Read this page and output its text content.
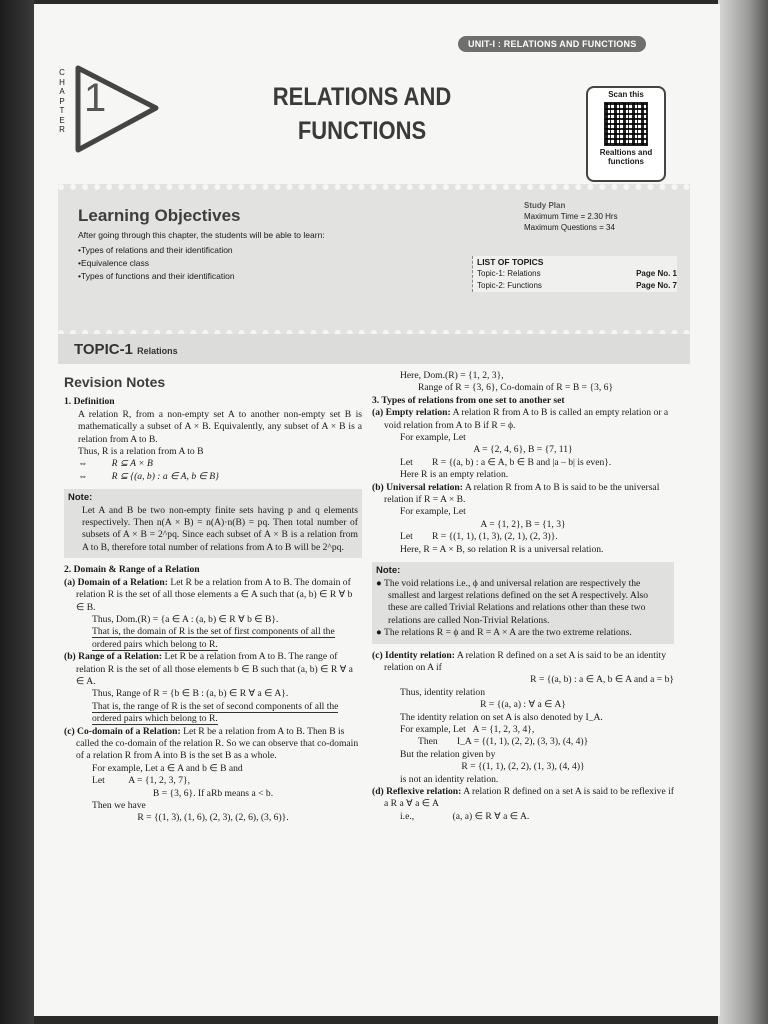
UNIT-I : RELATIONS AND FUNCTIONS
C
H
A
P
T
E
R
1	RELATIONS AND
FUNCTIONS
Scan this
Realtions and functions
Learning Objectives
After going through this chapter, the students will be able to learn:
• Types of relations and their identification
• Equivalence class
• Types of functions and their identification
Study Plan
Maximum Time = 2.30 Hrs
Maximum Questions = 34
LIST OF TOPICS
Topic-1: Relations	Page No. 1
Topic-2: Functions	Page No. 7
TOPIC-1 Relations
Revision Notes

1. Definition

A relation R, from a non-empty set A to another non-empty set B is mathematically a subset of A × B. Equivalently, any subset of A × B is a relation from A to B.

Thus, R is a relation from A to B

⇔          R ⊆ A × B

⇔          R ⊆ {(a, b) : a ∈ A, b ∈ B}

Note:

Let A and B be two non-empty finite sets having p and q elements respectively. Then n(A × B) = n(A)·n(B) = pq. Then total number of subsets of A × B = 2^pq. Since each subset of A × B is a relation from A to B, therefore total number of relations from A to B will be 2^pq.

2. Domain & Range of a Relation

(a) Domain of a Relation: Let R be a relation from A to B. The domain of relation R is the set of all those elements a ∈ A such that (a, b) ∈ R ∀ b ∈ B.

Thus, Dom.(R) = {a ∈ A : (a, b) ∈ R ∀ b ∈ B}.

That is, the domain of R is the set of first components of all the ordered pairs which belong to R.

(b) Range of a Relation: Let R be a relation from A to B. The range of relation R is the set of all those elements b ∈ B such that (a, b) ∈ R ∀ a ∈ A.

Thus, Range of R = {b ∈ B : (a, b) ∈ R ∀ a ∈ A}.

That is, the range of R is the set of second components of all the ordered pairs which belong to R.

(c) Co-domain of a Relation: Let R be a relation from A to B. Then B is called the co-domain of the relation R. So we can observe that co-domain of a relation R from A into B is the set B as a whole.

For example, Let a ∈ A and b ∈ B and

Let          A = {1, 2, 3, 7},

B = {3, 6}. If aRb means a < b.

Then we have

R = {(1, 3), (1, 6), (2, 3), (2, 6), (3, 6)}.

Here, Dom.(R) = {1, 2, 3},

Range of R = {3, 6}, Co-domain of R = B = {3, 6}

3. Types of relations from one set to another set

(a) Empty relation: A relation R from A to B is called an empty relation or a void relation from A to B if R = ϕ.

For example, Let

A = {2, 4, 6}, B = {7, 11}

Let        R = {(a, b) : a ∈ A, b ∈ B and |a – b| is even}.

Here R is an empty relation.

(b) Universal relation: A relation R from A to B is said to be the universal relation if R = A × B.

For example, Let

A = {1, 2}, B = {1, 3}

Let        R = {(1, 1), (1, 3), (2, 1), (2, 3)}.

Here, R = A × B, so relation R is a universal relation.

Note:

● The void relations i.e., ϕ and universal relation are respectively the smallest and largest relations defined on the set A respectively. Also these are called Trivial Relations and relations other than these two relations are called Non-Trivial Relations.

● The relations R = ϕ and R = A × A are the two extreme relations.

(c) Identity relation: A relation R defined on a set A is said to be an identity relation on A if

R = {(a, b) : a ∈ A, b ∈ A and a = b}

Thus, identity relation

R = {(a, a) : ∀ a ∈ A}

The identity relation on set A is also denoted by I_A.

For example, Let   A = {1, 2, 3, 4},

Then        I_A = {(1, 1), (2, 2), (3, 3), (4, 4)}

But the relation given by

R = {(1, 1), (2, 2), (1, 3), (4, 4)}

is not an identity relation.

(d) Reflexive relation: A relation R defined on a set A is said to be reflexive if a R a ∀ a ∈ A

i.e.,                (a, a) ∈ R ∀ a ∈ A.
